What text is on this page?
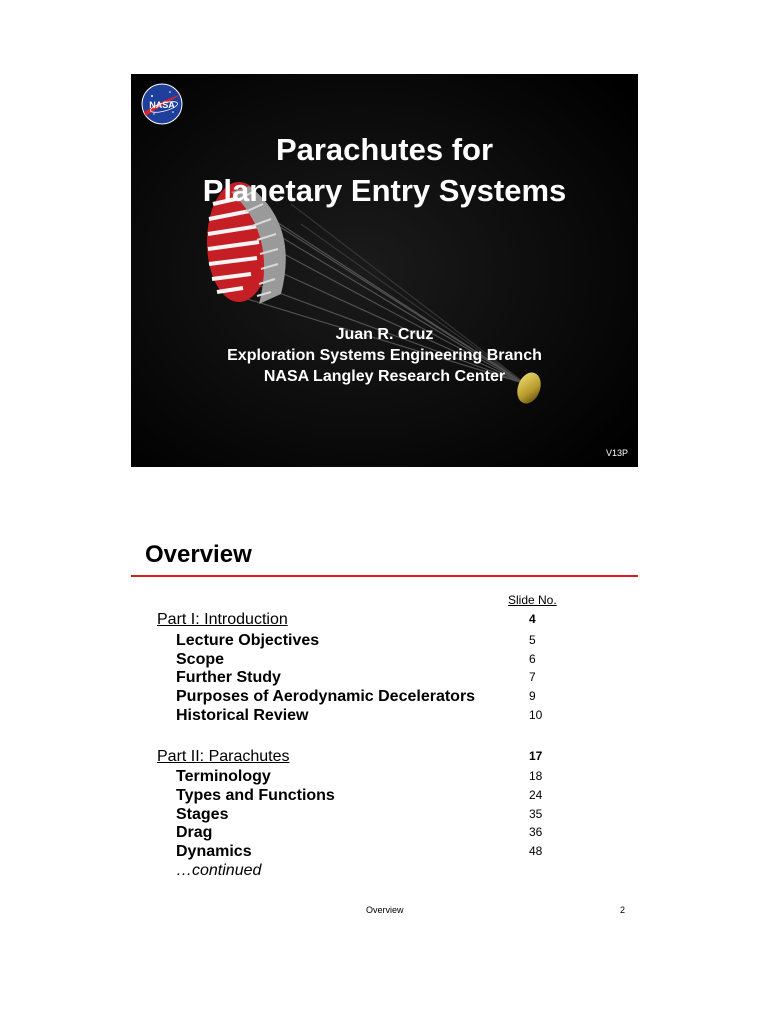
NASA
Parachutes for
Planetary Entry Systems
Juan R. Cruz
Exploration Systems Engineering Branch
NASA Langley Research Center
V13P
Overview
Slide No.
Part I: Introduction	4
Lecture Objectives	5
Scope	6
Further Study	7
Purposes of Aerodynamic Decelerators	9
Historical Review	10
Part II: Parachutes	17
Terminology	18
Types and Functions	24
Stages	35
Drag	36
Dynamics	48
…continued
Overview	2
